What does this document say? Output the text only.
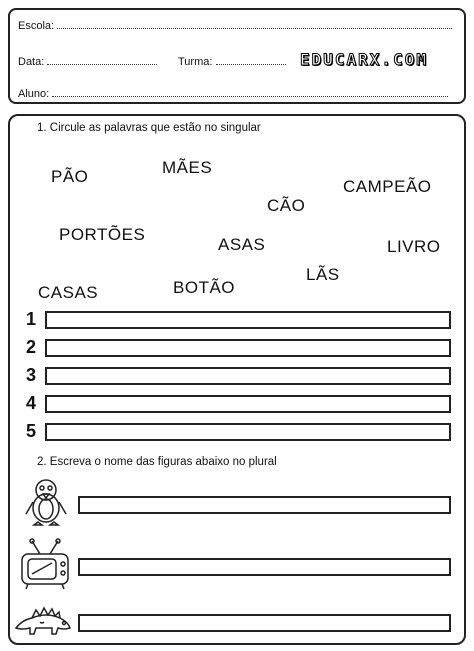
Escola:
Data:	Turma:
Aluno:
EDUCARX.COM
1. Circule as palavras que estão no singular
PÃO	MÃES
CAMPEÃO
CÃO
PORTÕES
ASAS	LIVRO
LÃS
BOTÃO
CASAS
1
2
3
4
5
2. Escreva o nome das figuras abaixo no plural
